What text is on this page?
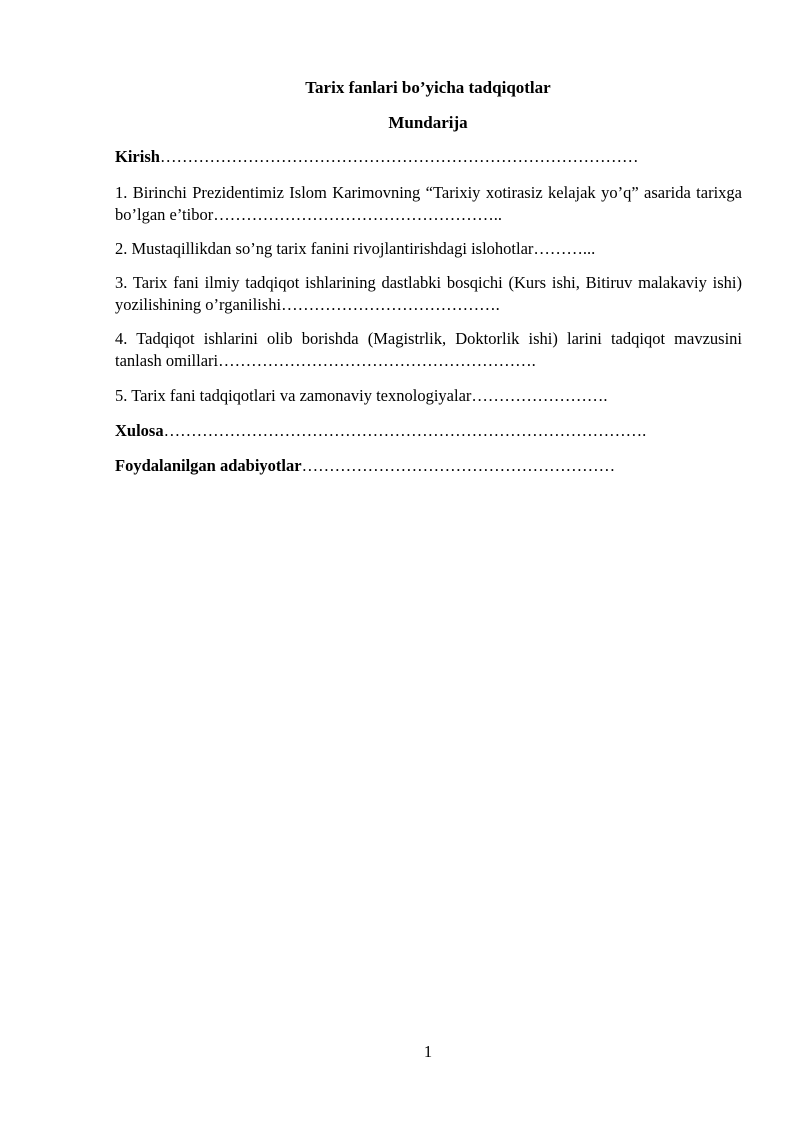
Tarix fanlari bo’yicha tadqiqotlar
Mundarija
Kirish……………………………………………………………………………
1. Birinchi Prezidentimiz Islom Karimovning “Tarixiy xotirasiz kelajak yo’q” asarida tarixga bo’lgan e’tibor……………………………………………..
2. Mustaqillikdan so’ng tarix fanini rivojlantirishdagi islohotlar………...
3. Tarix fani ilmiy tadqiqot ishlarining dastlabki bosqichi (Kurs ishi, Bitiruv malakaviy ishi) yozilishining o’rganilishi………………………………….
4. Tadqiqot ishlarini olib borishda (Magistrlik, Doktorlik ishi) larini tadqiqot mavzusini tanlash omillari………………………………………………….
5. Tarix fani tadqiqotlari va zamonaviy texnologiyalar…………………….
Xulosa…………………………………………………………………………….
Foydalanilgan adabiyotlar…………………………………………………
1
